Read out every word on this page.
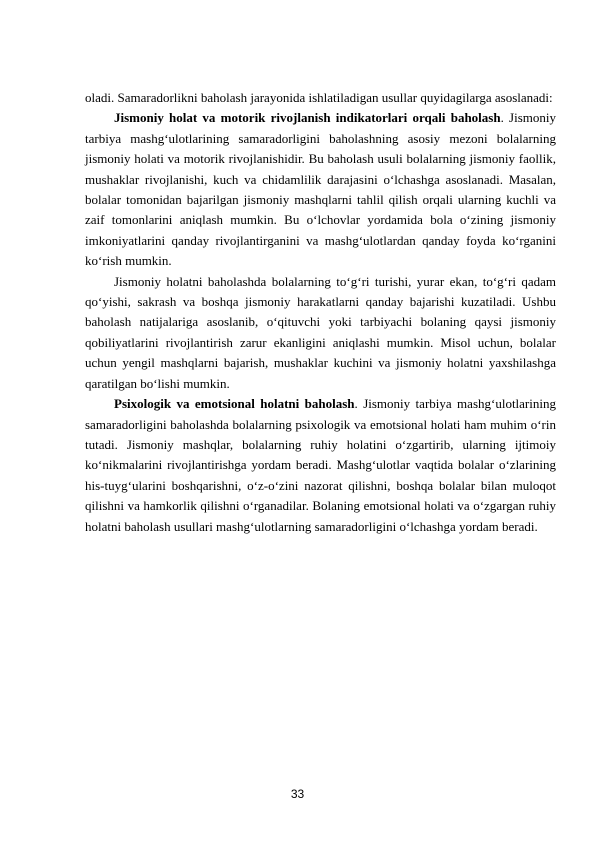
oladi. Samaradorlikni baholash jarayonida ishlatiladigan usullar quyidagilarga asoslanadi:

Jismoniy holat va motorik rivojlanish indikatorlari orqali baholash. Jismoniy tarbiya mashg‘ulotlarining samaradorligini baholashning asosiy mezoni bolalarning jismoniy holati va motorik rivojlanishidir. Bu baholash usuli bolalarning jismoniy faollik, mushaklar rivojlanishi, kuch va chidamlilik darajasini o‘lchashga asoslanadi. Masalan, bolalar tomonidan bajarilgan jismoniy mashqlarni tahlil qilish orqali ularning kuchli va zaif tomonlarini aniqlash mumkin. Bu o‘lchovlar yordamida bola o‘zining jismoniy imkoniyatlarini qanday rivojlantirganini va mashg‘ulotlardan qanday foyda ko‘rganini ko‘rish mumkin.

Jismoniy holatni baholashda bolalarning to‘g‘ri turishi, yurar ekan, to‘g‘ri qadam qo‘yishi, sakrash va boshqa jismoniy harakatlarni qanday bajarishi kuzatiladi. Ushbu baholash natijalariga asoslanib, o‘qituvchi yoki tarbiyachi bolaning qaysi jismoniy qobiliyatlarini rivojlantirish zarur ekanligini aniqlashi mumkin. Misol uchun, bolalar uchun yengil mashqlarni bajarish, mushaklar kuchini va jismoniy holatni yaxshilashga qaratilgan bo‘lishi mumkin.

Psixologik va emotsional holatni baholash. Jismoniy tarbiya mashg‘ulotlarining samaradorligini baholashda bolalarning psixologik va emotsional holati ham muhim o‘rin tutadi. Jismoniy mashqlar, bolalarning ruhiy holatini o‘zgartirib, ularning ijtimoiy ko‘nikmalarini rivojlantirishga yordam beradi. Mashg‘ulotlar vaqtida bolalar o‘zlarining his-tuyg‘ularini boshqarishni, o‘z-o‘zini nazorat qilishni, boshqa bolalar bilan muloqot qilishni va hamkorlik qilishni o‘rganadilar. Bolaning emotsional holati va o‘zgargan ruhiy holatni baholash usullari mashg‘ulotlarning samaradorligini o‘lchashga yordam beradi.

33
